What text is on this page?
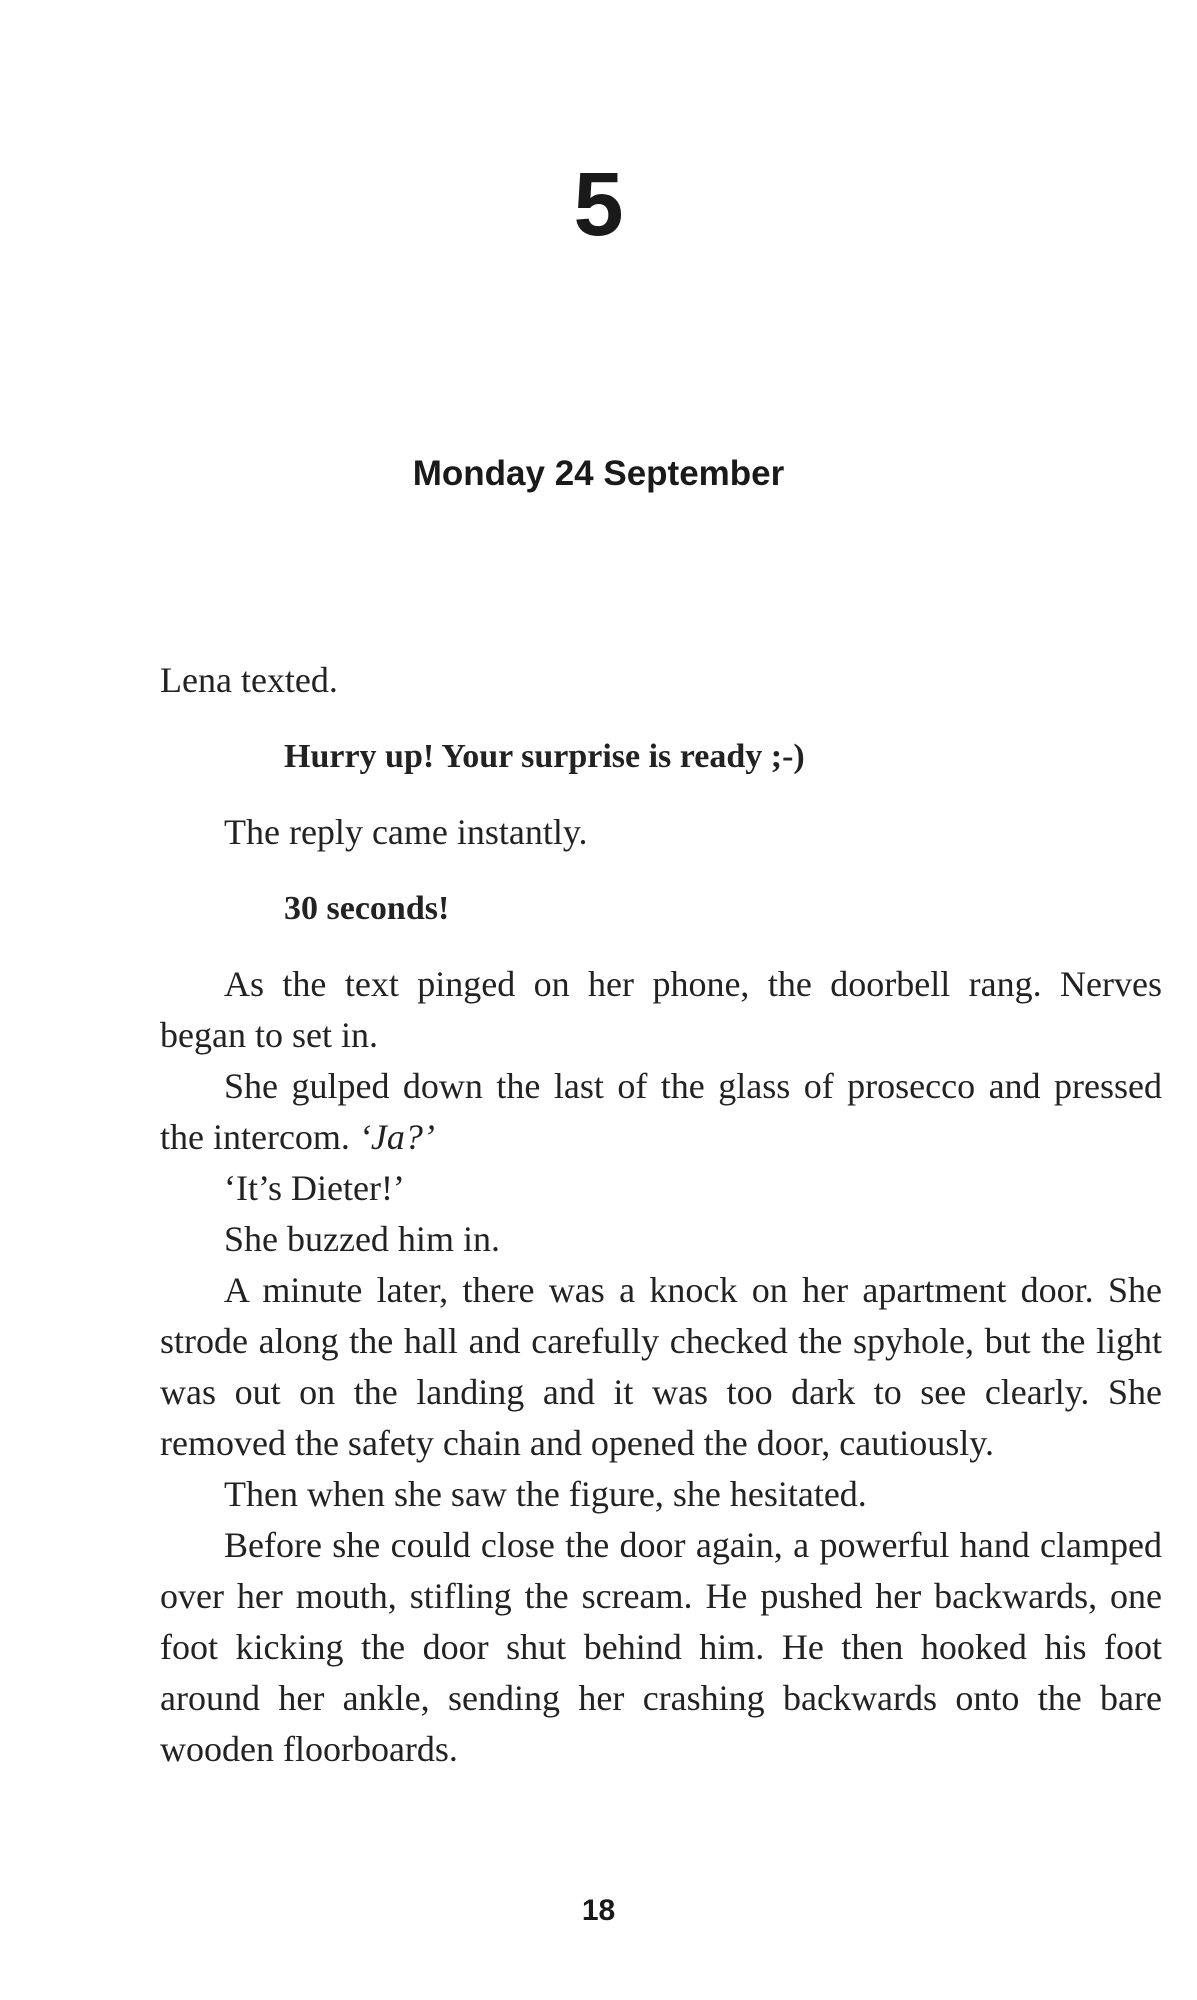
5
Monday 24 September

Lena texted.

Hurry up! Your surprise is ready ;-)

The reply came instantly.

30 seconds!

As the text pinged on her phone, the doorbell rang. Nerves began to set in.

She gulped down the last of the glass of prosecco and pressed the intercom. ‘Ja?’

‘It’s Dieter!’

She buzzed him in.

A minute later, there was a knock on her apartment door. She strode along the hall and carefully checked the spyhole, but the light was out on the landing and it was too dark to see clearly. She removed the safety chain and opened the door, cautiously.

Then when she saw the figure, she hesitated.

Before she could close the door again, a powerful hand clamped over her mouth, stifling the scream. He pushed her backwards, one foot kicking the door shut behind him. He then hooked his foot around her ankle, sending her crashing backwards onto the bare wooden floorboards.

18
